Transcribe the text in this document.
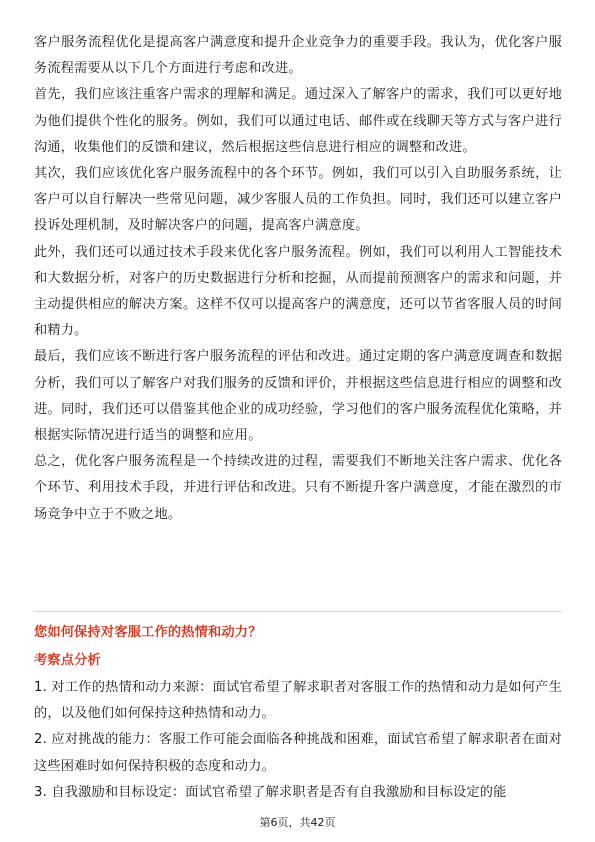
客户服务流程优化是提高客户满意度和提升企业竞争力的重要手段。我认为，优化客户服务流程需要从以下几个方面进行考虑和改进。

首先，我们应该注重客户需求的理解和满足。通过深入了解客户的需求，我们可以更好地为他们提供个性化的服务。例如，我们可以通过电话、邮件或在线聊天等方式与客户进行沟通，收集他们的反馈和建议，然后根据这些信息进行相应的调整和改进。

其次，我们应该优化客户服务流程中的各个环节。例如，我们可以引入自助服务系统，让客户可以自行解决一些常见问题，减少客服人员的工作负担。同时，我们还可以建立客户投诉处理机制，及时解决客户的问题，提高客户满意度。

此外，我们还可以通过技术手段来优化客户服务流程。例如，我们可以利用人工智能技术和大数据分析，对客户的历史数据进行分析和挖掘，从而提前预测客户的需求和问题，并主动提供相应的解决方案。这样不仅可以提高客户的满意度，还可以节省客服人员的时间和精力。

最后，我们应该不断进行客户服务流程的评估和改进。通过定期的客户满意度调查和数据分析，我们可以了解客户对我们服务的反馈和评价，并根据这些信息进行相应的调整和改进。同时，我们还可以借鉴其他企业的成功经验，学习他们的客户服务流程优化策略，并根据实际情况进行适当的调整和应用。

总之，优化客户服务流程是一个持续改进的过程，需要我们不断地关注客户需求、优化各个环节、利用技术手段，并进行评估和改进。只有不断提升客户满意度，才能在激烈的市场竞争中立于不败之地。

您如何保持对客服工作的热情和动力？

考察点分析

1. 对工作的热情和动力来源：面试官希望了解求职者对客服工作的热情和动力是如何产生的，以及他们如何保持这种热情和动力。

2. 应对挑战的能力：客服工作可能会面临各种挑战和困难，面试官希望了解求职者在面对这些困难时如何保持积极的态度和动力。

3. 自我激励和目标设定：面试官希望了解求职者是否有自我激励和目标设定的能

第6页，共42页
